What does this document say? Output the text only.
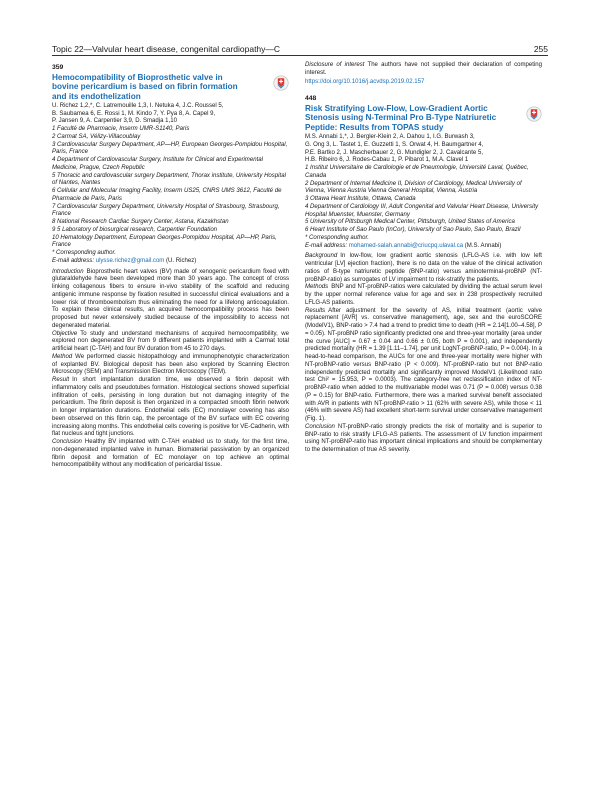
Topic 22—Valvular heart disease, congenital cardiopathy—C	255
359
Hemocompatibility of Bioprosthetic valve in bovine pericardium is based on fibrin formation and its endothelization
U. Richez 1,2,*, C. Latremouille 1,3, I. Netuka 4, J.C. Roussel 5,
B. Saubamea 6, E. Rossi 1, M. Kindo 7, Y. Pya 8, A. Capel 9,
P. Jansen 9, A. Carpentier 3,9, D. Smadja 1,10
1 Faculté de Pharmacie, Inserm UMR-S1140, Paris
2 Carmat SA, Vélizy-Villacoublay
3 Cardiovascular Surgery Department, AP—HP, European Georges-Pompidou Hospital, Paris, France
4 Department of Cardiovascular Surgery, Institute for Clinical and Experimental Medicine, Prague, Czech Republic
5 Thoracic and cardiovascular surgery Department, Thorax institute, University Hospital of Nantes, Nantes
6 Cellular and Molecular Imaging Facility, Inserm US25, CNRS UMS 3612, Faculté de Pharmacie de Paris, Paris
7 Cardiovascular Surgery Department, University Hospital of Strasbourg, Strasbourg, France
8 National Research Cardiac Surgery Center, Astana, Kazakhstan
9 5 Laboratory of biosurgical research, Carpentier Foundation
10 Hematology Department, European Georges-Pompidou Hospital, AP—HP, Paris, France
* Corresponding author.
E-mail address: ulysse.richez@gmail.com (U. Richez)

Introduction Bioprosthetic heart valves (BV) made of xenogenic pericardium fixed with glutaraldehyde have been developed more than 30 years ago. The concept of cross linking collagenous fibers to ensure in-vivo stability of the scaffold and reducing antigenic immune response by fixation resulted in successful clinical evaluations and a lower risk of thromboembolism thus eliminating the need for a lifelong anticoagulation. To explain these clinical results, an acquired hemocompatibility process has been proposed but never extensively studied because of the impossibility to access not degenerated material.

Objective To study and understand mechanisms of acquired hemocompatibility, we explored non degenerated BV from 9 different patients implanted with a Carmat total artificial heart (C-TAH) and four BV duration from 45 to 270 days.

Method We performed classic histopathology and immunophenotypic characterization of explanted BV. Biological deposit has been also explored by Scanning Electron Microscopy (SEM) and Transmission Electron Microscopy (TEM).

Result In short implantation duration time, we observed a fibrin deposit with inflammatory cells and pseudotubes formation. Histological sections showed superficial infiltration of cells, persisting in long duration but not damaging integrity of the pericardium. The fibrin deposit is then organized in a compacted smooth fibrin network in longer implantation durations. Endothelial cells (EC) monolayer covering has also been observed on this fibrin cap, the percentage of the BV surface with EC covering increasing along months. This endothelial cells covering is positive for VE-Cadherin, with flat nucleus and tight junctions.

Conclusion Healthy BV implanted with C-TAH enabled us to study, for the first time, non-degenerated implanted valve in human. Biomaterial passivation by an organized fibrin deposit and formation of EC monolayer on top achieve an optimal hemocompatibility without any modification of pericardial tissue.

Disclosure of interest The authors have not supplied their declaration of competing interest.

https://doi.org/10.1016/j.acvdsp.2019.02.157
448
Risk Stratifying Low-Flow, Low-Gradient Aortic Stenosis using N-Terminal Pro B-Type Natriuretic Peptide: Results from TOPAS study
M.S. Annabi 1,*, J. Bergler-Klein 2, A. Dahou 1, I.G. Burwash 3,
G. Ong 3, L. Tastet 1, E. Guzzetti 1, S. Orwat 4, H. Baumgartner 4,
P.E. Bartko 2, J. Mascherbauer 2, G. Mundigler 2, J. Cavalcante 5,
H.B. Ribeiro 6, J. Rodes-Cabau 1, P. Pibarot 1, M.A. Clavel 1
1 Institut Universitaire de Cardiologie et de Pneumologie, Université Laval, Québec, Canada
2 Department of Internal Medicine II, Division of Cardiology, Medical University of Vienna, Vienna Austria Vienna General Hospital, Vienna, Austria
3 Ottawa Heart Institute, Ottawa, Canada
4 Department of Cardiology III, Adult Congenital and Valvular Heart Disease, University Hospital Muenster, Muenster, Germany
5 University of Pittsburgh Medical Center, Pittsburgh, United States of America
6 Heart Institute of Sao Paulo (InCor), University of Sao Paulo, Sao Paulo, Brazil
* Corresponding author.
E-mail address: mohamed-salah.annabi@criucpq.ulaval.ca (M.S. Annabi)

Background In low-flow, low gradient aortic stenosis (LFLG-AS i.e. with low left ventricular [LV] ejection fraction), there is no data on the value of the clinical activation ratios of B-type natriuretic peptide (BNP-ratio) versus aminoterminal-proBNP (NT-proBNP-ratio) as surrogates of LV impairment to risk-stratify the patients.

Methods BNP and NT-proBNP-ratios were calculated by dividing the actual serum level by the upper normal reference value for age and sex in 238 prospectively recruited LFLG-AS patients.

Results After adjustment for the severity of AS, initial treatment (aortic valve replacement [AVR] vs. conservative management), age, sex and the euroSCORE (ModelV1), BNP-ratio > 7.4 had a trend to predict time to death (HR = 2.14[1.00–4.58], P = 0.05). NT-proBNP ratio significantly predicted one and three-year mortality (area under the curve [AUC] = 0.67 ± 0.04 and 0.66 ± 0.05, both P = 0.001), and independently predicted mortality (HR = 1.39 [1.11–1.74], per unit LogNT-proBNP-ratio, P = 0.004). In a head-to-head comparison, the AUCs for one and three-year mortality were higher with NT-proBNP-ratio versus BNP-ratio (P < 0.009). NT-proBNP-ratio but not BNP-ratio independently predicted mortality and significantly improved ModelV1 (Likelihood ratio test Chi² = 15.953, P = 0.0003). The category-free net reclassification index of NT-proBNP-ratio when added to the multivariable model was 0.71 (P = 0.008) versus 0.38 (P = 0.15) for BNP-ratio. Furthermore, there was a marked survival benefit associated with AVR in patients with NT-proBNP-ratio > 11 (62% with severe AS), while those < 11 (46% with severe AS) had excellent short-term survival under conservative management (Fig. 1).

Conclusion NT-proBNP-ratio strongly predicts the risk of mortality and is superior to BNP-ratio to risk stratify LFLG-AS patients. The assessment of LV function impairment using NT-proBNP-ratio has important clinical implications and should be complementary to the determination of true AS severity.
